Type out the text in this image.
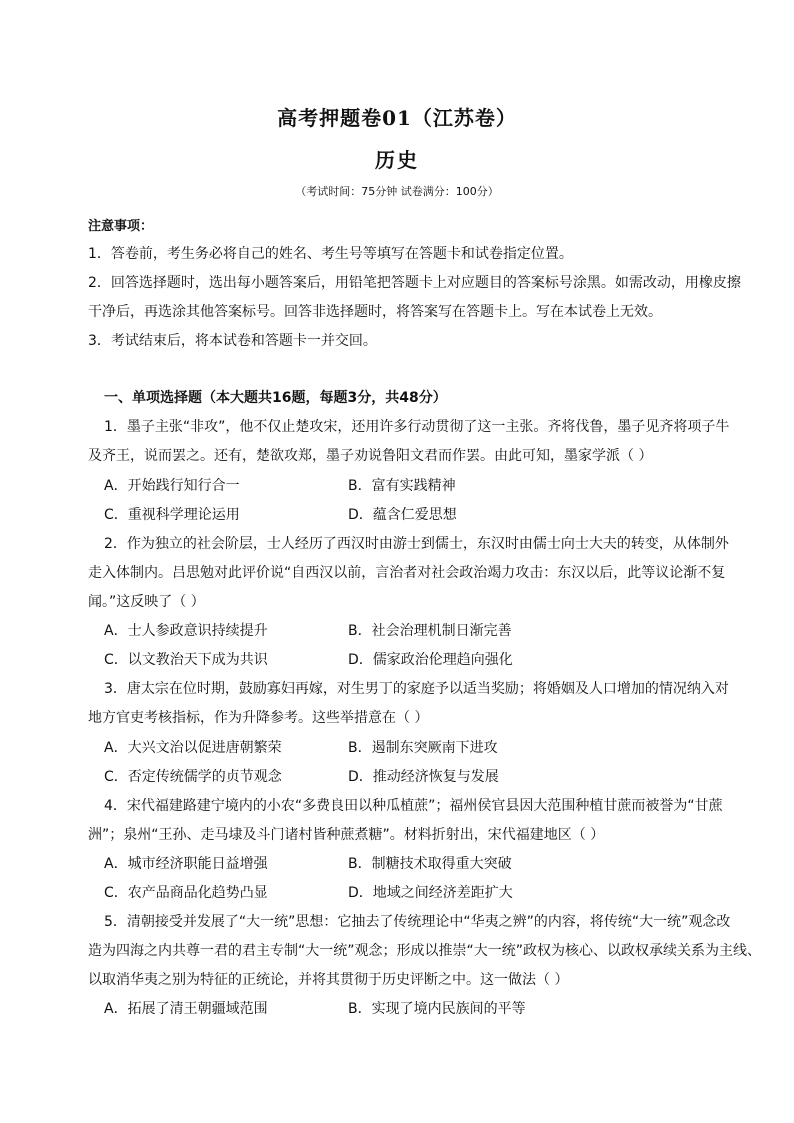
高考押题卷01（江苏卷）
历史
（考试时间：75分钟 试卷满分：100分）
注意事项：
1．答卷前，考生务必将自己的姓名、考生号等填写在答题卡和试卷指定位置。
2．回答选择题时，选出每小题答案后，用铅笔把答题卡上对应题目的答案标号涂黑。如需改动，用橡皮擦
干净后，再选涂其他答案标号。回答非选择题时，将答案写在答题卡上。写在本试卷上无效。
3．考试结束后，将本试卷和答题卡一并交回。
一、单项选择题（本大题共16题，每题3分，共48分）
1．墨子主张“非攻”，他不仅止楚攻宋，还用许多行动贯彻了这一主张。齐将伐鲁，墨子见齐将项子牛
及齐王，说而罢之。还有，楚欲攻郑，墨子劝说鲁阳文君而作罢。由此可知，墨家学派（ ）
A．开始践行知行合一	B．富有实践精神
C．重视科学理论运用	D．蕴含仁爱思想
2．作为独立的社会阶层，士人经历了西汉时由游士到儒士，东汉时由儒士向士大夫的转变，从体制外
走入体制内。吕思勉对此评价说“自西汉以前，言治者对社会政治竭力攻击：东汉以后，此等议论渐不复
闻。”这反映了（ ）
A．士人参政意识持续提升	B．社会治理机制日渐完善
C．以文教治天下成为共识	D．儒家政治伦理趋向强化
3．唐太宗在位时期，鼓励寡妇再嫁，对生男丁的家庭予以适当奖励；将婚姻及人口增加的情况纳入对
地方官吏考核指标，作为升降参考。这些举措意在（ ）
A．大兴文治以促进唐朝繁荣	B．遏制东突厥南下进攻
C．否定传统儒学的贞节观念	D．推动经济恢复与发展
4．宋代福建路建宁境内的小农“多费良田以种瓜植蔗”；福州侯官县因大范围种植甘蔗而被誉为“甘蔗
洲”；泉州“王孙、走马埭及斗门诸村皆种蔗煮糖”。材料折射出，宋代福建地区（ ）
A．城市经济职能日益增强	B．制糖技术取得重大突破
C．农产品商品化趋势凸显	D．地域之间经济差距扩大
5．清朝接受并发展了“大一统”思想：它抽去了传统理论中“华夷之辨”的内容，将传统“大一统”观念改
造为四海之内共尊一君的君主专制“大一统”观念；形成以推崇“大一统”政权为核心、以政权承续关系为主线、
以取消华夷之别为特征的正统论，并将其贯彻于历史评断之中。这一做法（ ）
A．拓展了清王朝疆域范围	B．实现了境内民族间的平等
